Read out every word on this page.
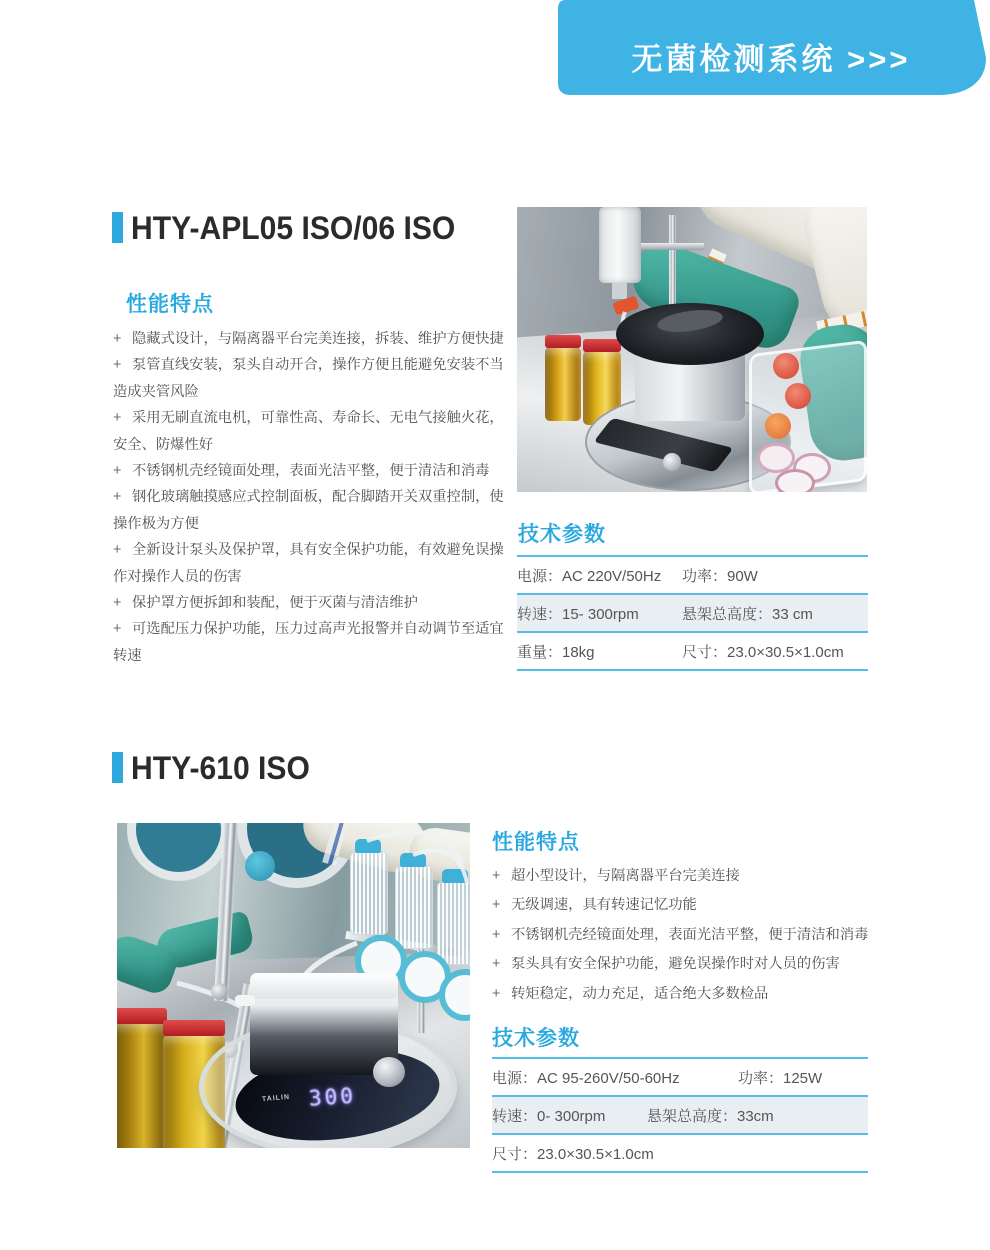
无菌检测系统 >>>
HTY-APL05 ISO/06 ISO
性能特点

+ 隐藏式设计，与隔离器平台完美连接，拆装、维护方便快捷

+ 泵管直线安装，泵头自动开合，操作方便且能避免安装不当造成夹管风险

+ 采用无刷直流电机，可靠性高、寿命长、无电气接触火花，安全、防爆性好

+ 不锈钢机壳经镜面处理，表面光洁平整，便于清洁和消毒

+ 钢化玻璃触摸感应式控制面板，配合脚踏开关双重控制，使操作极为方便

+ 全新设计泵头及保护罩，具有安全保护功能，有效避免误操作对操作人员的伤害

+ 保护罩方便拆卸和装配，便于灭菌与清洁维护

+ 可选配压力保护功能，压力过高声光报警并自动调节至适宜转速

技术参数
电源：AC 220V/50Hz	功率：90W
转速：15- 300rpm	悬架总高度：33 cm
重量：18kg	尺寸：23.0×30.5×1.0cm
HTY-610 ISO
300
TAILIN
性能特点

+ 超小型设计，与隔离器平台完美连接

+ 无级调速，具有转速记忆功能

+ 不锈钢机壳经镜面处理，表面光洁平整，便于清洁和消毒

+ 泵头具有安全保护功能，避免误操作时对人员的伤害

+ 转矩稳定，动力充足，适合绝大多数检品

技术参数
电源：AC 95-260V/50-60Hz	功率：125W
转速：0- 300rpm	悬架总高度：33cm
尺寸：23.0×30.5×1.0cm
